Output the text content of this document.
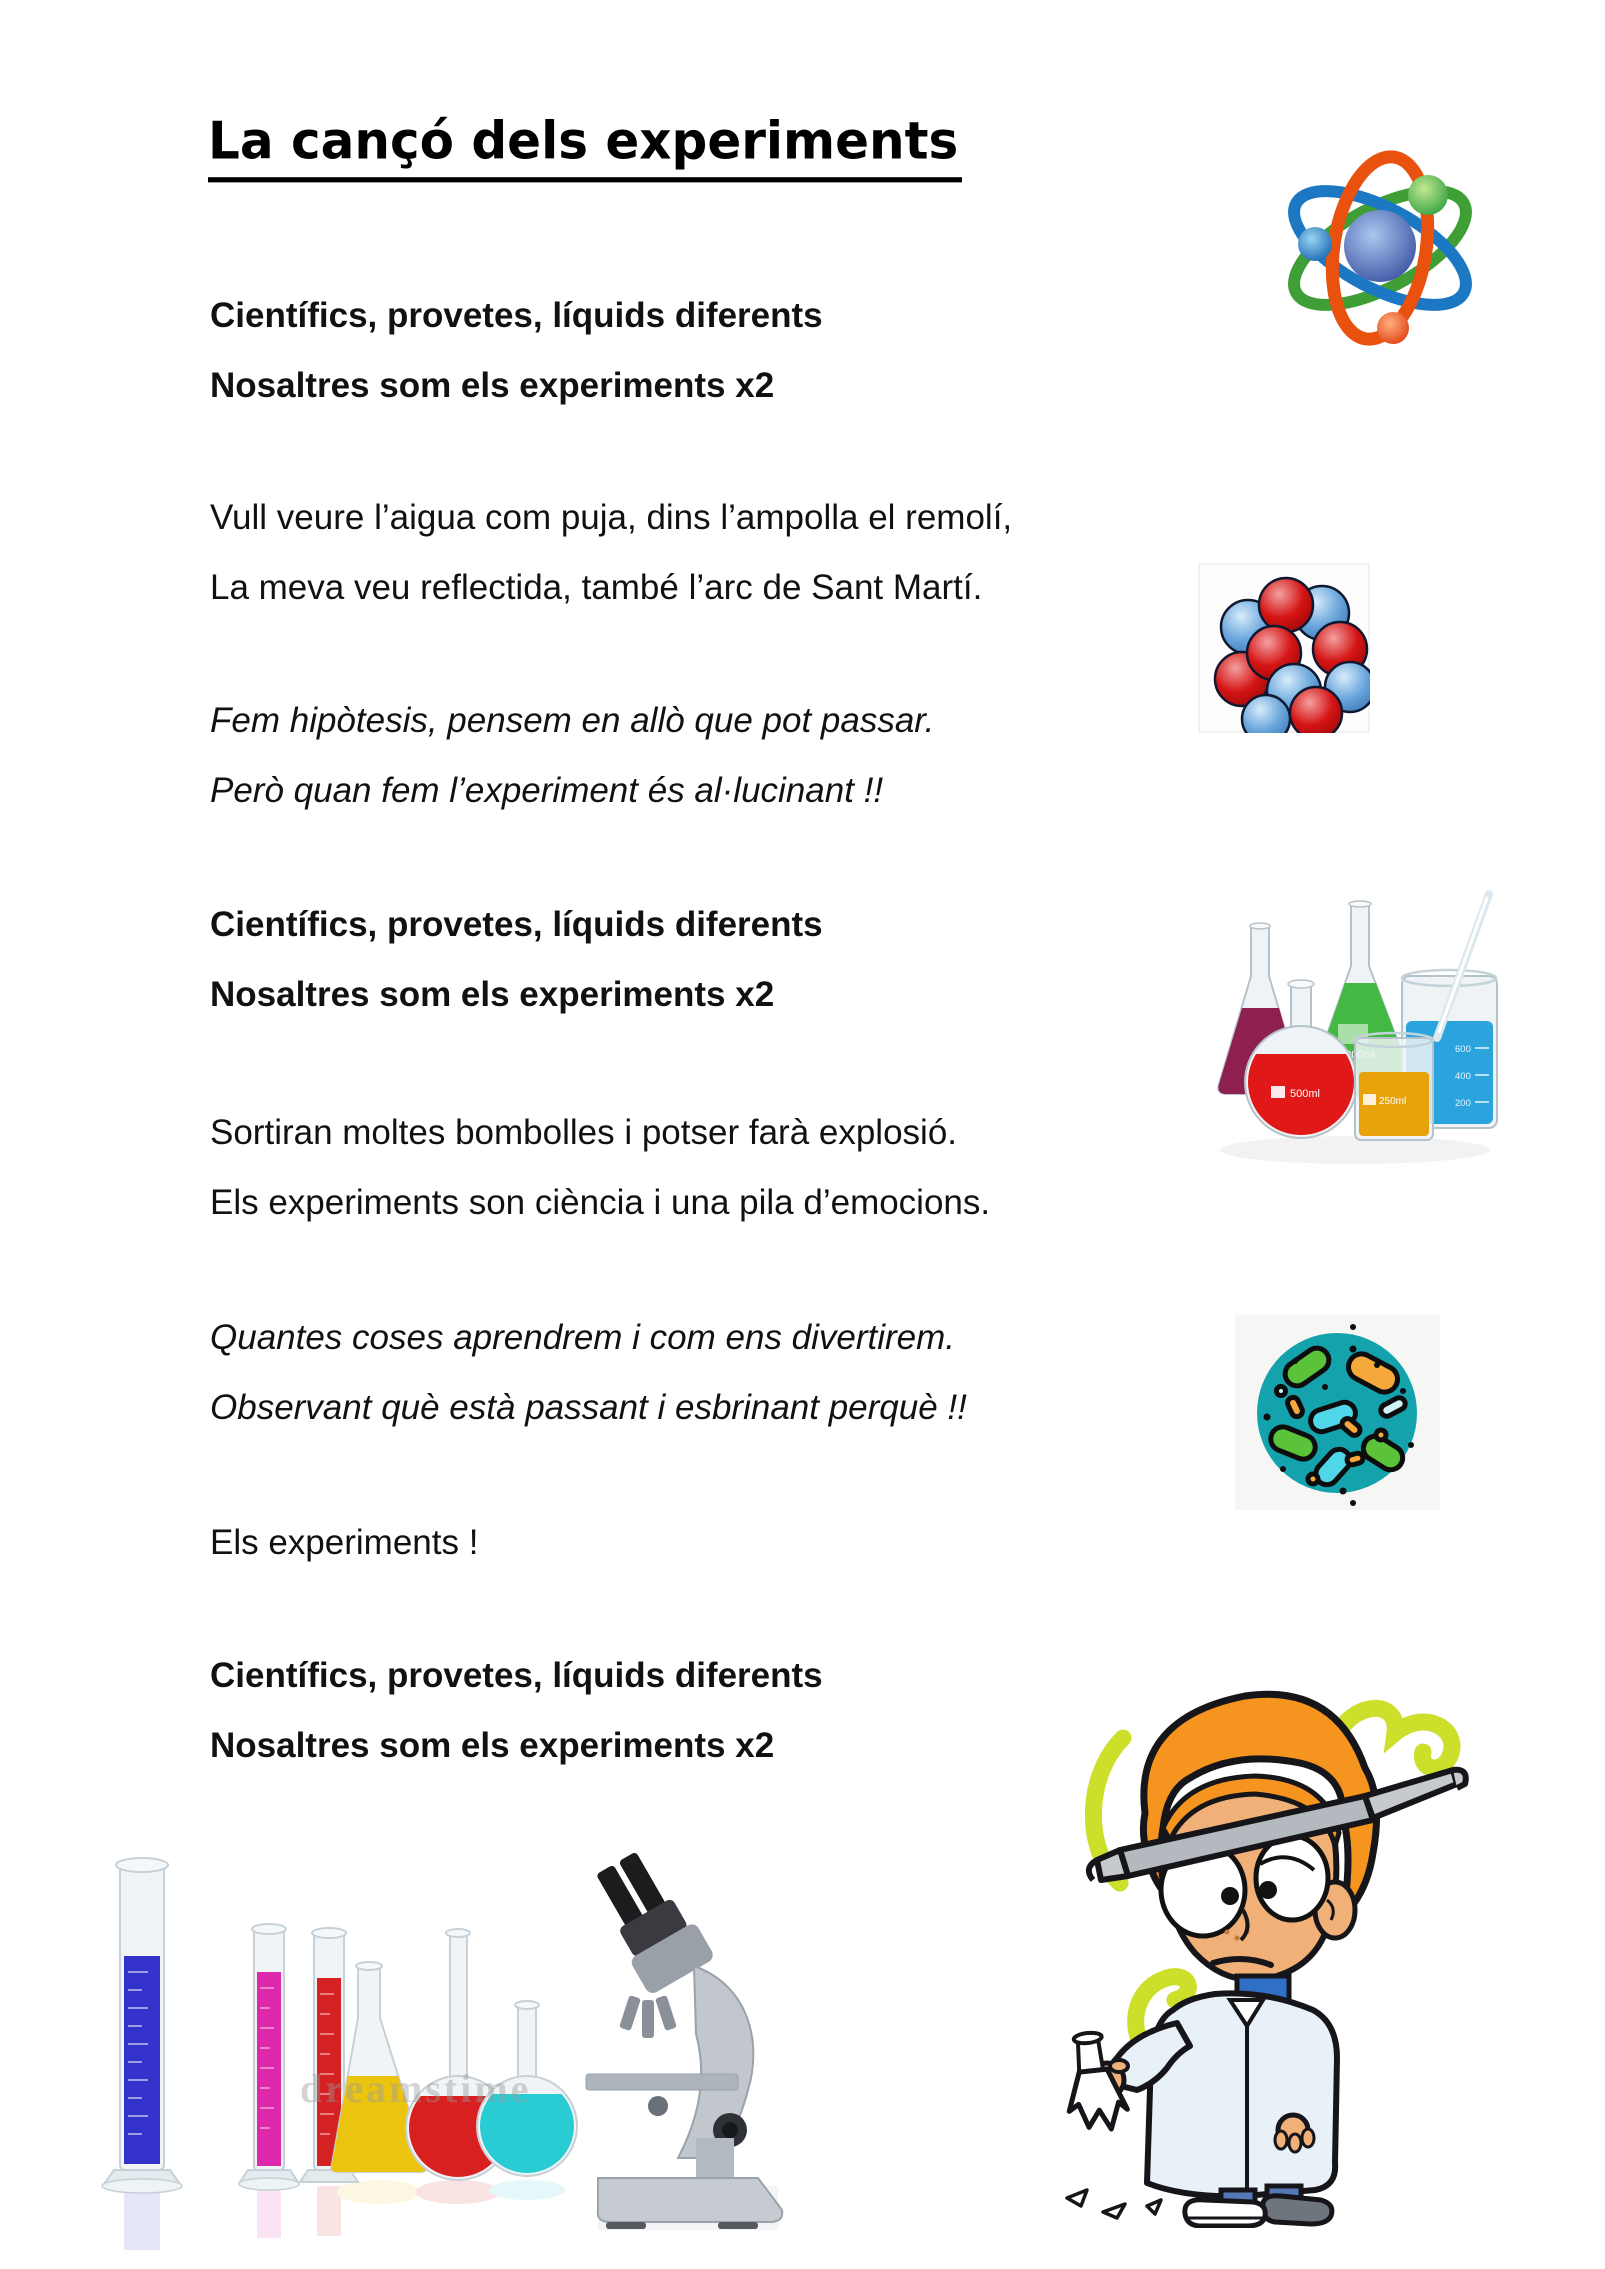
La cançó dels experiments

Científics, provetes, líquids diferents

Nosaltres som els experiments x2

Vull veure l’aigua com puja, dins l’ampolla el remolí,

La meva veu reflectida, també l’arc de Sant Martí.

Fem hipòtesis, pensem en allò que pot passar.

Però quan fem l’experiment és al·lucinant !!

Científics, provetes, líquids diferents

Nosaltres som els experiments x2

Sortiran moltes bombolles i potser farà explosió.

Els experiments son ciència i una pila d’emocions.

Quantes coses aprendrem i com ens divertirem.

Observant què està passant i esbrinant perquè !!

Els experiments !

Científics, provetes, líquids diferents

Nosaltres som els experiments x2

600
400
200
500ml
250ml
dreamstime
